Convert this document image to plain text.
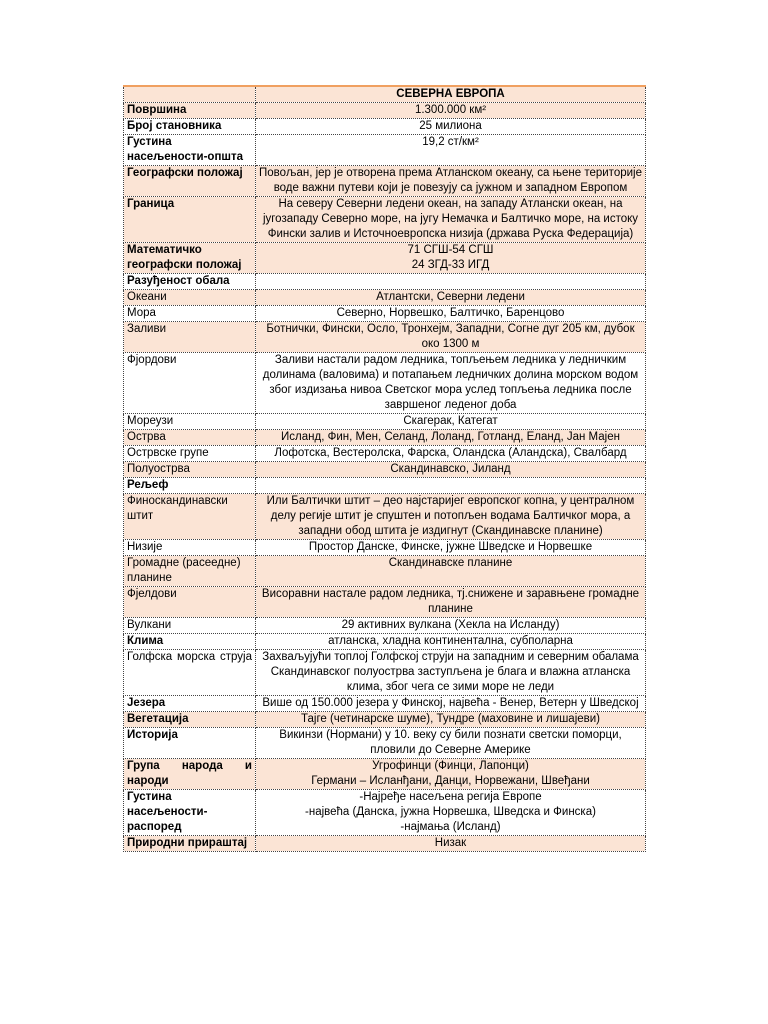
	СЕВЕРНА ЕВРОПА
Површина	1.300.000 км²

Број становника	25 милиона

Густина насељености-општа	19,2 ст/км²

Географски положај	Повољан, јер је отворена према Атланском океану, са њене територије воде важни путеви који је повезују са јужном и западном Европом

Граница	На северу Северни ледени океан, на западу Атлански океан, на југозападу Северно море, на југу Немачка и Балтичко море, на истоку Фински залив и Источноевропска низија (држава Руска Федерација)

Математичко географски положај	71 СГШ-54 СГШ
24 ЗГД-33 ИГД

Разуђеност обала	

Океани	Атлантски, Северни ледени

Мора	Северно, Норвешко, Балтичко, Баренцово

Заливи	Ботнички, Фински, Осло, Тронхејм, Западни, Согне дуг 205 км, дубок око 1300 м

Фјордови	Заливи настали радом ледника, топљењем ледника у ледничким долинама (валовима) и потапањем ледничких долина морском водом због издизања нивоа Светског мора услед топљења ледника после завршеног леденог доба

Мореузи	Скагерак, Категат

Острва	Исланд, Фин, Мен, Селанд, Лоланд, Готланд, Еланд, Јан Мајен

Острвске групе	Лофотска, Вестеролска, Фарска, Оландска (Аландска), Свалбард

Полуострва	Скандинавско, Јиланд

Рељеф	

Финоскандинавски штит	Или Балтички штит – део најстаријег европског копна, у централном делу регије штит је спуштен и потопљен водама Балтичког мора, а западни обод штита је издигнут (Скандинавске планине)

Низије	Простор Данске, Финске, јужне Шведске и Норвешке

Громадне (расеедне) планине	Скандинавске планине

Фјелдови	Висоравни настале радом ледника, тј.снижене и заравњене громадне планине

Вулкани	29 активних вулкана (Хекла на Исланду)

Клима	атланска, хладна континентална, субполарна

Голфска морска струја	Захваљујући топлој Голфској струји на западним и северним обалама Скандинавског полуострва заступљена је блага и влажна атланска клима, због чега се зими море не леди

Језера	Више од 150.000 језера у Финској, највећа - Венер, Ветерн у Шведској

Вегетација	Тајге (четинарске шуме), Тундре (маховине и лишајеви)

Историја	Викинзи (Нормани) у 10. веку су били познати светски поморци, пловили до Северне Америке

Група народа и народи	Угрофинци (Финци, Лапонци)
Германи – Исланђани, Данци, Норвежани, Швеђани

Густина насељености-распоред	-Најређе насељена регија Европе
-највећа (Данска, јужна Норвешка, Шведска и Финска)
-најмања (Исланд)

Природни прираштај	Низак
